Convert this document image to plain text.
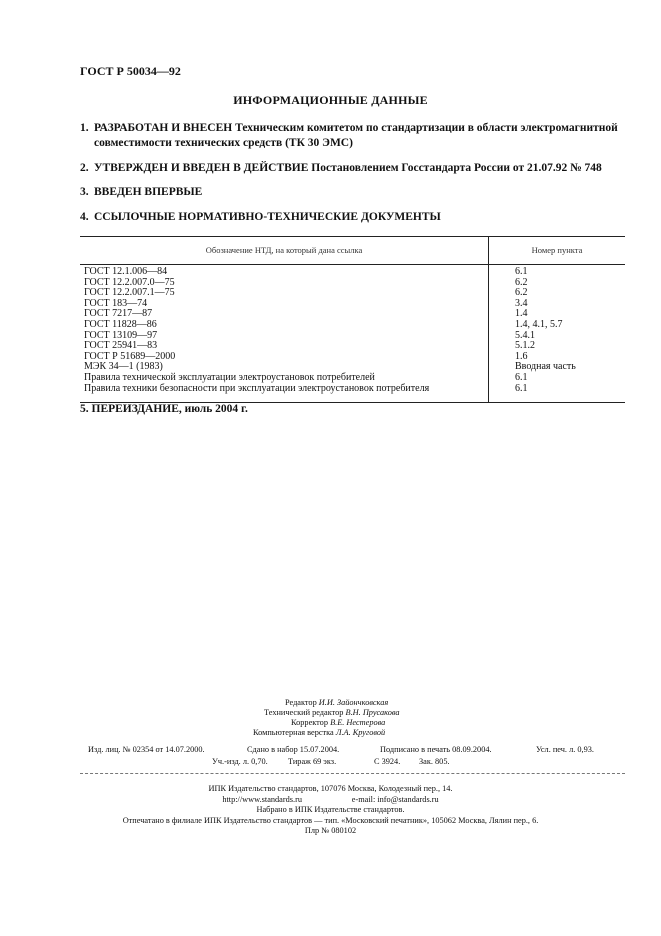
ГОСТ Р 50034—92
ИНФОРМАЦИОННЫЕ ДАННЫЕ
1. РАЗРАБОТАН И ВНЕСЕН Техническим комитетом по стандартизации в области электромагнитной совместимости технических средств (ТК 30 ЭМС)
2. УТВЕРЖДЕН И ВВЕДЕН В ДЕЙСТВИЕ Постановлением Госстандарта России от 21.07.92 № 748
3. ВВЕДЕН ВПЕРВЫЕ
4. ССЫЛОЧНЫЕ НОРМАТИВНО-ТЕХНИЧЕСКИЕ ДОКУМЕНТЫ
Обозначение НТД, на который дана ссылка	Номер пункта
ГОСТ 12.1.006—84	6.1
ГОСТ 12.2.007.0—75	6.2
ГОСТ 12.2.007.1—75	6.2
ГОСТ 183—74	3.4
ГОСТ 7217—87	1.4
ГОСТ 11828—86	1.4, 4.1, 5.7
ГОСТ 13109—97	5.4.1
ГОСТ 25941—83	5.1.2
ГОСТ Р 51689—2000	1.6
МЭК 34—1 (1983)	Вводная часть
Правила технической эксплуатации электроустановок потребителей	6.1
Правила техники безопасности при эксплуатации электроустановок потребителя	6.1
5. ПЕРЕИЗДАНИЕ, июль 2004 г.
Редактор И.И. Зайончковская
Технический редактор В.Н. Прусакова
Корректор В.Е. Нестерова
Компьютерная верстка Л.А. Круговой
Изд. лиц. № 02354 от 14.07.2000.	Сдано в набор 15.07.2004.	Подписано в печать 08.09.2004.	Усл. печ. л. 0,93.
Уч.-изд. л. 0,70. Тираж 69 экз.	С 3924. Зак. 805.
ИПК Издательство стандартов, 107076 Москва, Колодезный пер., 14.
http://www.standards.ru	e-mail: info@standards.ru
Набрано в ИПК Издательстве стандартов.
Отпечатано в филиале ИПК Издательство стандартов — тип. «Московский печатник», 105062 Москва, Лялин пер., 6.
Плр № 080102
